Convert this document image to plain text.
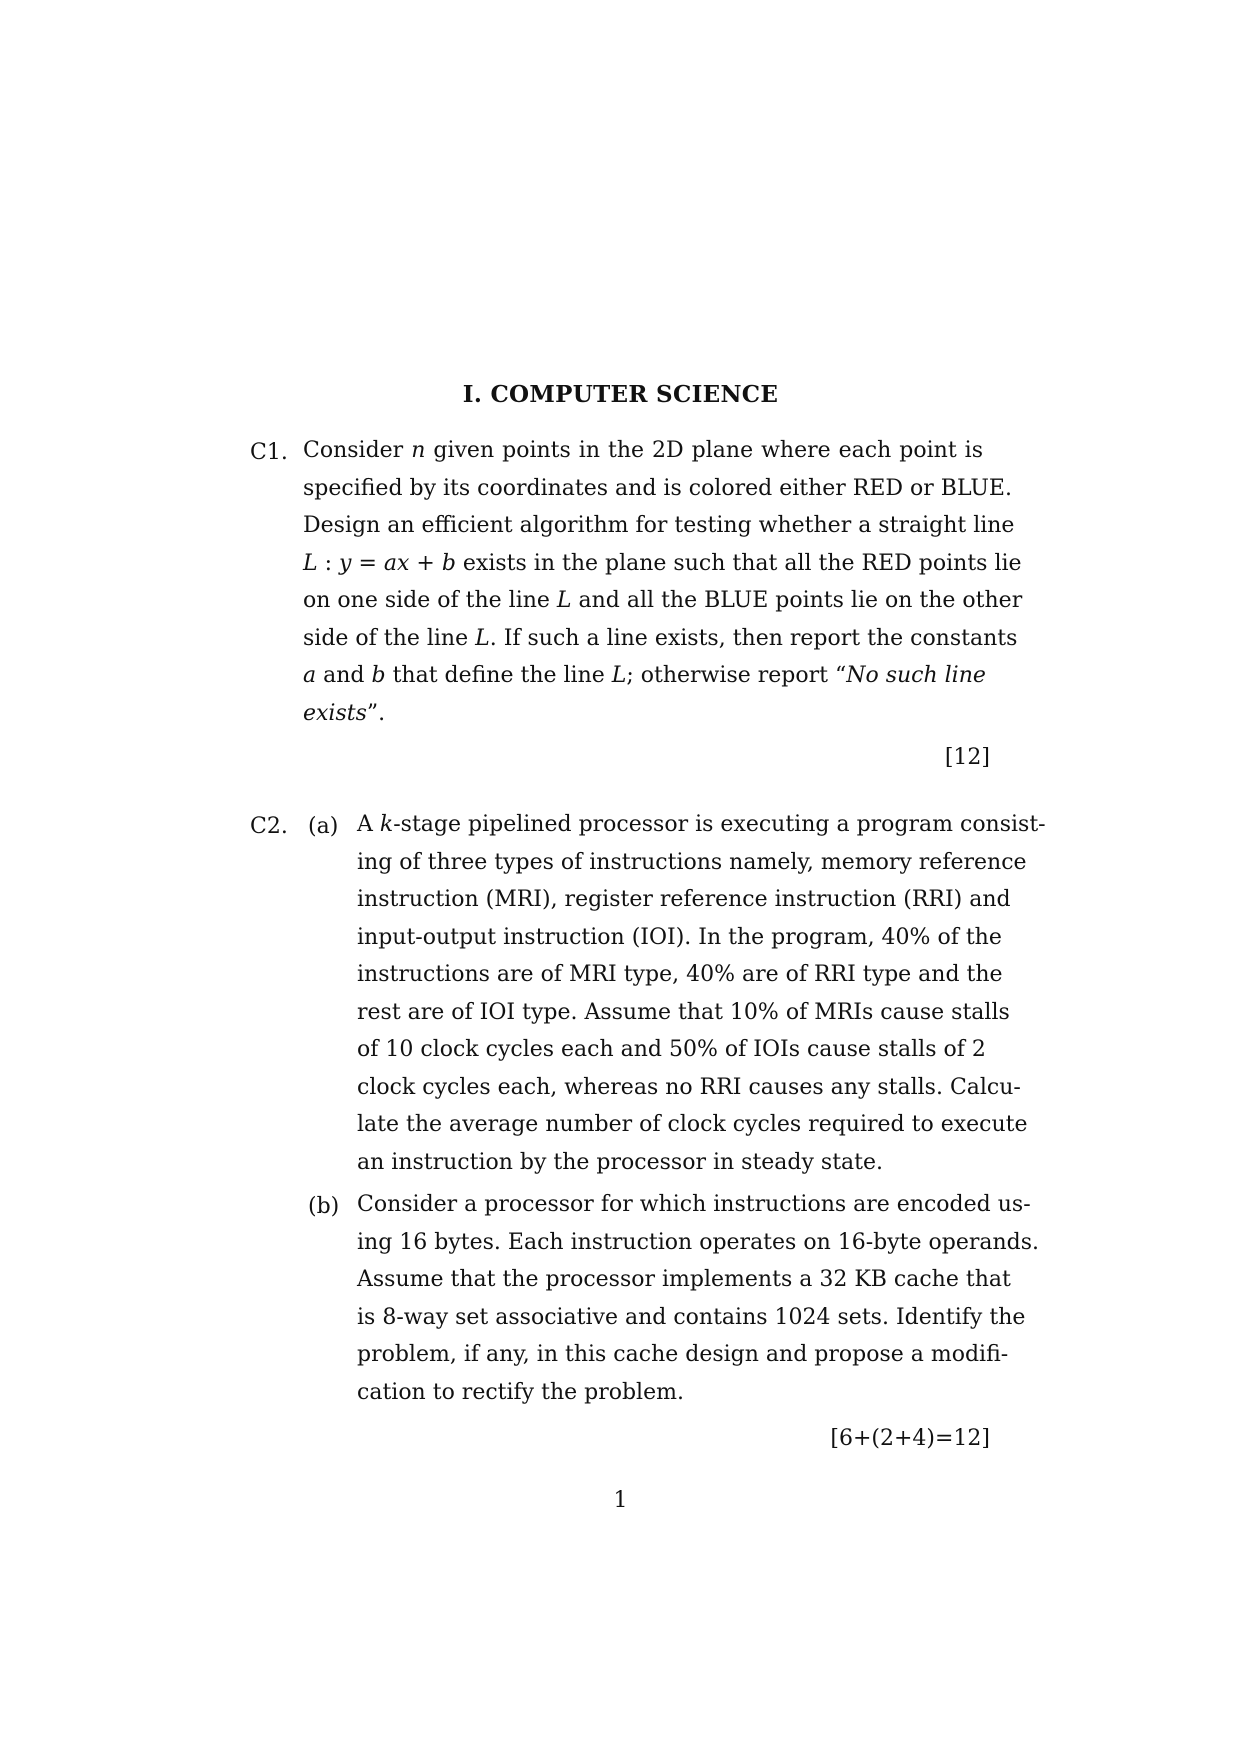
I. COMPUTER SCIENCE
C1. Consider n given points in the 2D plane where each point is
specified by its coordinates and is colored either RED or BLUE.
Design an efficient algorithm for testing whether a straight line
L : y = ax + b exists in the plane such that all the RED points lie
on one side of the line L and all the BLUE points lie on the other
side of the line L. If such a line exists, then report the constants
a and b that define the line L; otherwise report “No such line
exists”.
[12]
C2. (a) A k-stage pipelined processor is executing a program consist-
ing of three types of instructions namely, memory reference
instruction (MRI), register reference instruction (RRI) and
input-output instruction (IOI). In the program, 40% of the
instructions are of MRI type, 40% are of RRI type and the
rest are of IOI type. Assume that 10% of MRIs cause stalls
of 10 clock cycles each and 50% of IOIs cause stalls of 2
clock cycles each, whereas no RRI causes any stalls. Calcu-
late the average number of clock cycles required to execute
an instruction by the processor in steady state.
(b) Consider a processor for which instructions are encoded us-
ing 16 bytes. Each instruction operates on 16-byte operands.
Assume that the processor implements a 32 KB cache that
is 8-way set associative and contains 1024 sets. Identify the
problem, if any, in this cache design and propose a modifi-
cation to rectify the problem.
[6+(2+4)=12]
1
